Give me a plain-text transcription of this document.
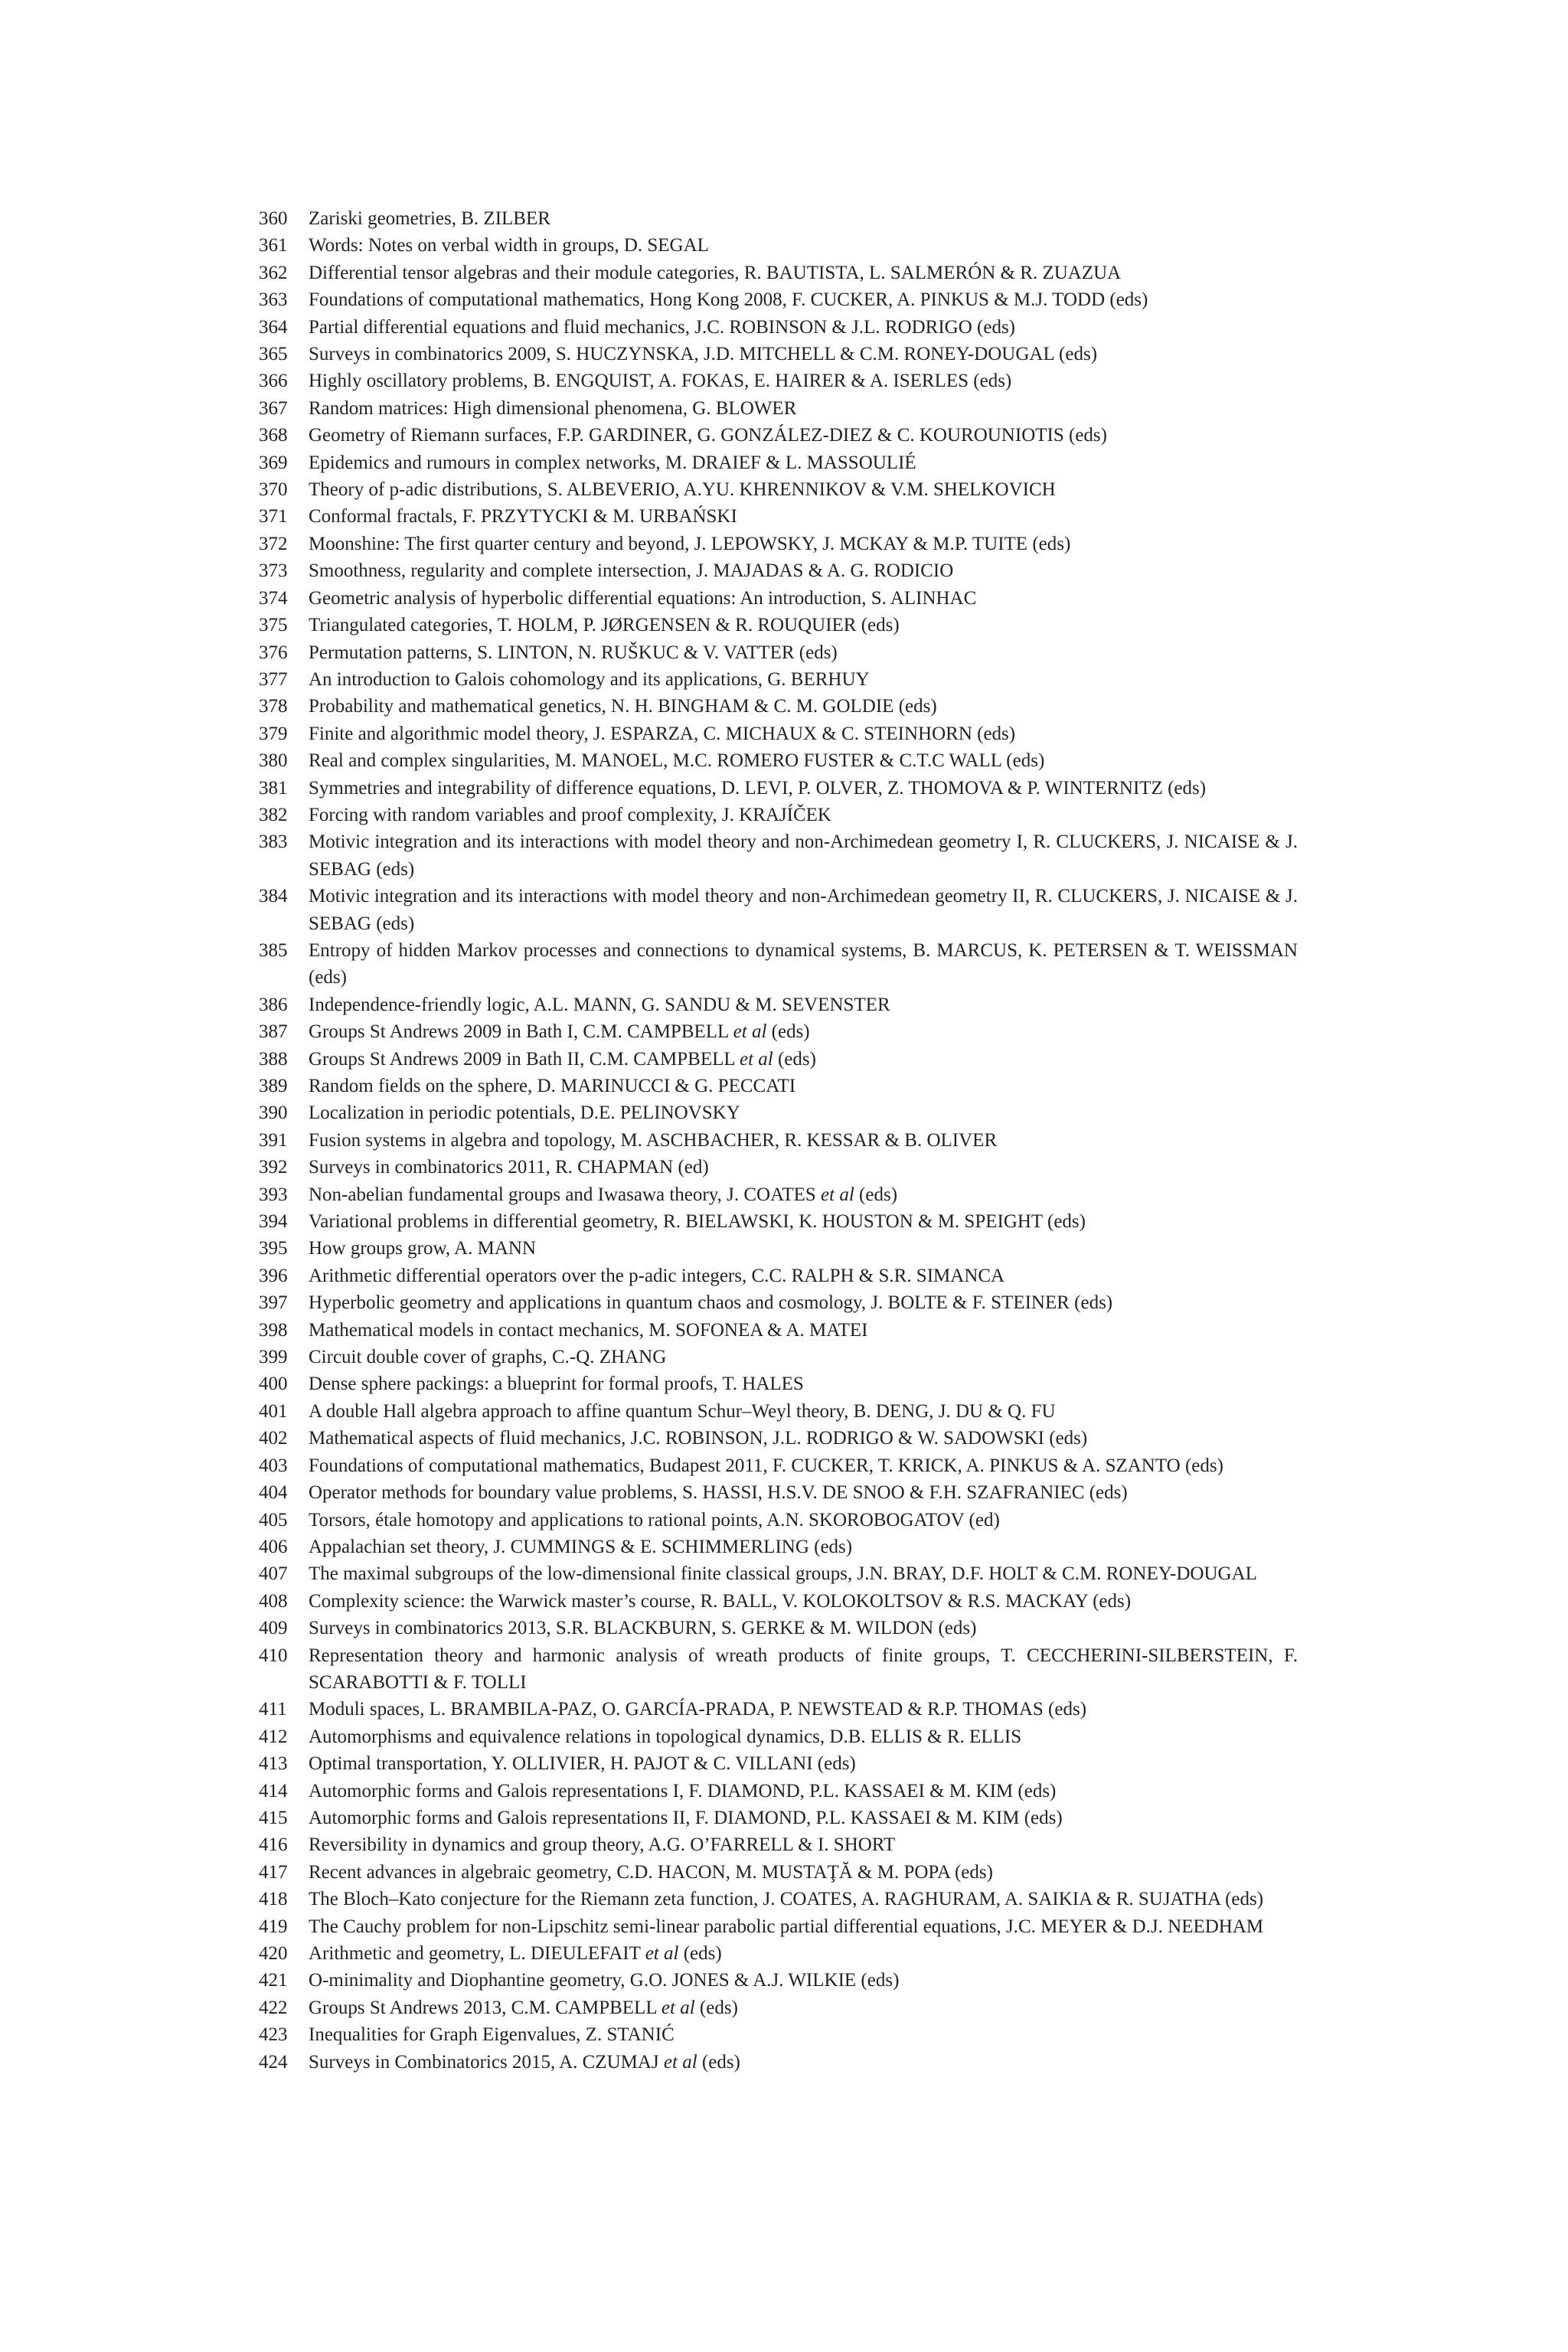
360	Zariski geometries, B. ZILBER
361	Words: Notes on verbal width in groups, D. SEGAL
362	Differential tensor algebras and their module categories, R. BAUTISTA, L. SALMERÓN & R. ZUAZUA
363	Foundations of computational mathematics, Hong Kong 2008, F. CUCKER, A. PINKUS & M.J. TODD (eds)
364	Partial differential equations and fluid mechanics, J.C. ROBINSON & J.L. RODRIGO (eds)
365	Surveys in combinatorics 2009, S. HUCZYNSKA, J.D. MITCHELL & C.M. RONEY-DOUGAL (eds)
366	Highly oscillatory problems, B. ENGQUIST, A. FOKAS, E. HAIRER & A. ISERLES (eds)
367	Random matrices: High dimensional phenomena, G. BLOWER
368	Geometry of Riemann surfaces, F.P. GARDINER, G. GONZÁLEZ-DIEZ & C. KOUROUNIOTIS (eds)
369	Epidemics and rumours in complex networks, M. DRAIEF & L. MASSOULIÉ
370	Theory of p-adic distributions, S. ALBEVERIO, A.YU. KHRENNIKOV & V.M. SHELKOVICH
371	Conformal fractals, F. PRZYTYCKI & M. URBAŃSKI
372	Moonshine: The first quarter century and beyond, J. LEPOWSKY, J. MCKAY & M.P. TUITE (eds)
373	Smoothness, regularity and complete intersection, J. MAJADAS & A. G. RODICIO
374	Geometric analysis of hyperbolic differential equations: An introduction, S. ALINHAC
375	Triangulated categories, T. HOLM, P. JØRGENSEN & R. ROUQUIER (eds)
376	Permutation patterns, S. LINTON, N. RUŠKUC & V. VATTER (eds)
377	An introduction to Galois cohomology and its applications, G. BERHUY
378	Probability and mathematical genetics, N. H. BINGHAM & C. M. GOLDIE (eds)
379	Finite and algorithmic model theory, J. ESPARZA, C. MICHAUX & C. STEINHORN (eds)
380	Real and complex singularities, M. MANOEL, M.C. ROMERO FUSTER & C.T.C WALL (eds)
381	Symmetries and integrability of difference equations, D. LEVI, P. OLVER, Z. THOMOVA & P. WINTERNITZ (eds)
382	Forcing with random variables and proof complexity, J. KRAJÍČEK
383	Motivic integration and its interactions with model theory and non-Archimedean geometry I, R. CLUCKERS, J. NICAISE & J. SEBAG (eds)
384	Motivic integration and its interactions with model theory and non-Archimedean geometry II, R. CLUCKERS, J. NICAISE & J. SEBAG (eds)
385	Entropy of hidden Markov processes and connections to dynamical systems, B. MARCUS, K. PETERSEN & T. WEISSMAN (eds)
386	Independence-friendly logic, A.L. MANN, G. SANDU & M. SEVENSTER
387	Groups St Andrews 2009 in Bath I, C.M. CAMPBELL et al (eds)
388	Groups St Andrews 2009 in Bath II, C.M. CAMPBELL et al (eds)
389	Random fields on the sphere, D. MARINUCCI & G. PECCATI
390	Localization in periodic potentials, D.E. PELINOVSKY
391	Fusion systems in algebra and topology, M. ASCHBACHER, R. KESSAR & B. OLIVER
392	Surveys in combinatorics 2011, R. CHAPMAN (ed)
393	Non-abelian fundamental groups and Iwasawa theory, J. COATES et al (eds)
394	Variational problems in differential geometry, R. BIELAWSKI, K. HOUSTON & M. SPEIGHT (eds)
395	How groups grow, A. MANN
396	Arithmetic differential operators over the p-adic integers, C.C. RALPH & S.R. SIMANCA
397	Hyperbolic geometry and applications in quantum chaos and cosmology, J. BOLTE & F. STEINER (eds)
398	Mathematical models in contact mechanics, M. SOFONEA & A. MATEI
399	Circuit double cover of graphs, C.-Q. ZHANG
400	Dense sphere packings: a blueprint for formal proofs, T. HALES
401	A double Hall algebra approach to affine quantum Schur–Weyl theory, B. DENG, J. DU & Q. FU
402	Mathematical aspects of fluid mechanics, J.C. ROBINSON, J.L. RODRIGO & W. SADOWSKI (eds)
403	Foundations of computational mathematics, Budapest 2011, F. CUCKER, T. KRICK, A. PINKUS & A. SZANTO (eds)
404	Operator methods for boundary value problems, S. HASSI, H.S.V. DE SNOO & F.H. SZAFRANIEC (eds)
405	Torsors, étale homotopy and applications to rational points, A.N. SKOROBOGATOV (ed)
406	Appalachian set theory, J. CUMMINGS & E. SCHIMMERLING (eds)
407	The maximal subgroups of the low-dimensional finite classical groups, J.N. BRAY, D.F. HOLT & C.M. RONEY-DOUGAL
408	Complexity science: the Warwick master’s course, R. BALL, V. KOLOKOLTSOV & R.S. MACKAY (eds)
409	Surveys in combinatorics 2013, S.R. BLACKBURN, S. GERKE & M. WILDON (eds)
410	Representation theory and harmonic analysis of wreath products of finite groups, T. CECCHERINI-SILBERSTEIN, F. SCARABOTTI & F. TOLLI
411	Moduli spaces, L. BRAMBILA-PAZ, O. GARCÍA-PRADA, P. NEWSTEAD & R.P. THOMAS (eds)
412	Automorphisms and equivalence relations in topological dynamics, D.B. ELLIS & R. ELLIS
413	Optimal transportation, Y. OLLIVIER, H. PAJOT & C. VILLANI (eds)
414	Automorphic forms and Galois representations I, F. DIAMOND, P.L. KASSAEI & M. KIM (eds)
415	Automorphic forms and Galois representations II, F. DIAMOND, P.L. KASSAEI & M. KIM (eds)
416	Reversibility in dynamics and group theory, A.G. O’FARRELL & I. SHORT
417	Recent advances in algebraic geometry, C.D. HACON, M. MUSTAŢĂ & M. POPA (eds)
418	The Bloch–Kato conjecture for the Riemann zeta function, J. COATES, A. RAGHURAM, A. SAIKIA & R. SUJATHA (eds)
419	The Cauchy problem for non-Lipschitz semi-linear parabolic partial differential equations, J.C. MEYER & D.J. NEEDHAM
420	Arithmetic and geometry, L. DIEULEFAIT et al (eds)
421	O-minimality and Diophantine geometry, G.O. JONES & A.J. WILKIE (eds)
422	Groups St Andrews 2013, C.M. CAMPBELL et al (eds)
423	Inequalities for Graph Eigenvalues, Z. STANIĆ
424	Surveys in Combinatorics 2015, A. CZUMAJ et al (eds)
